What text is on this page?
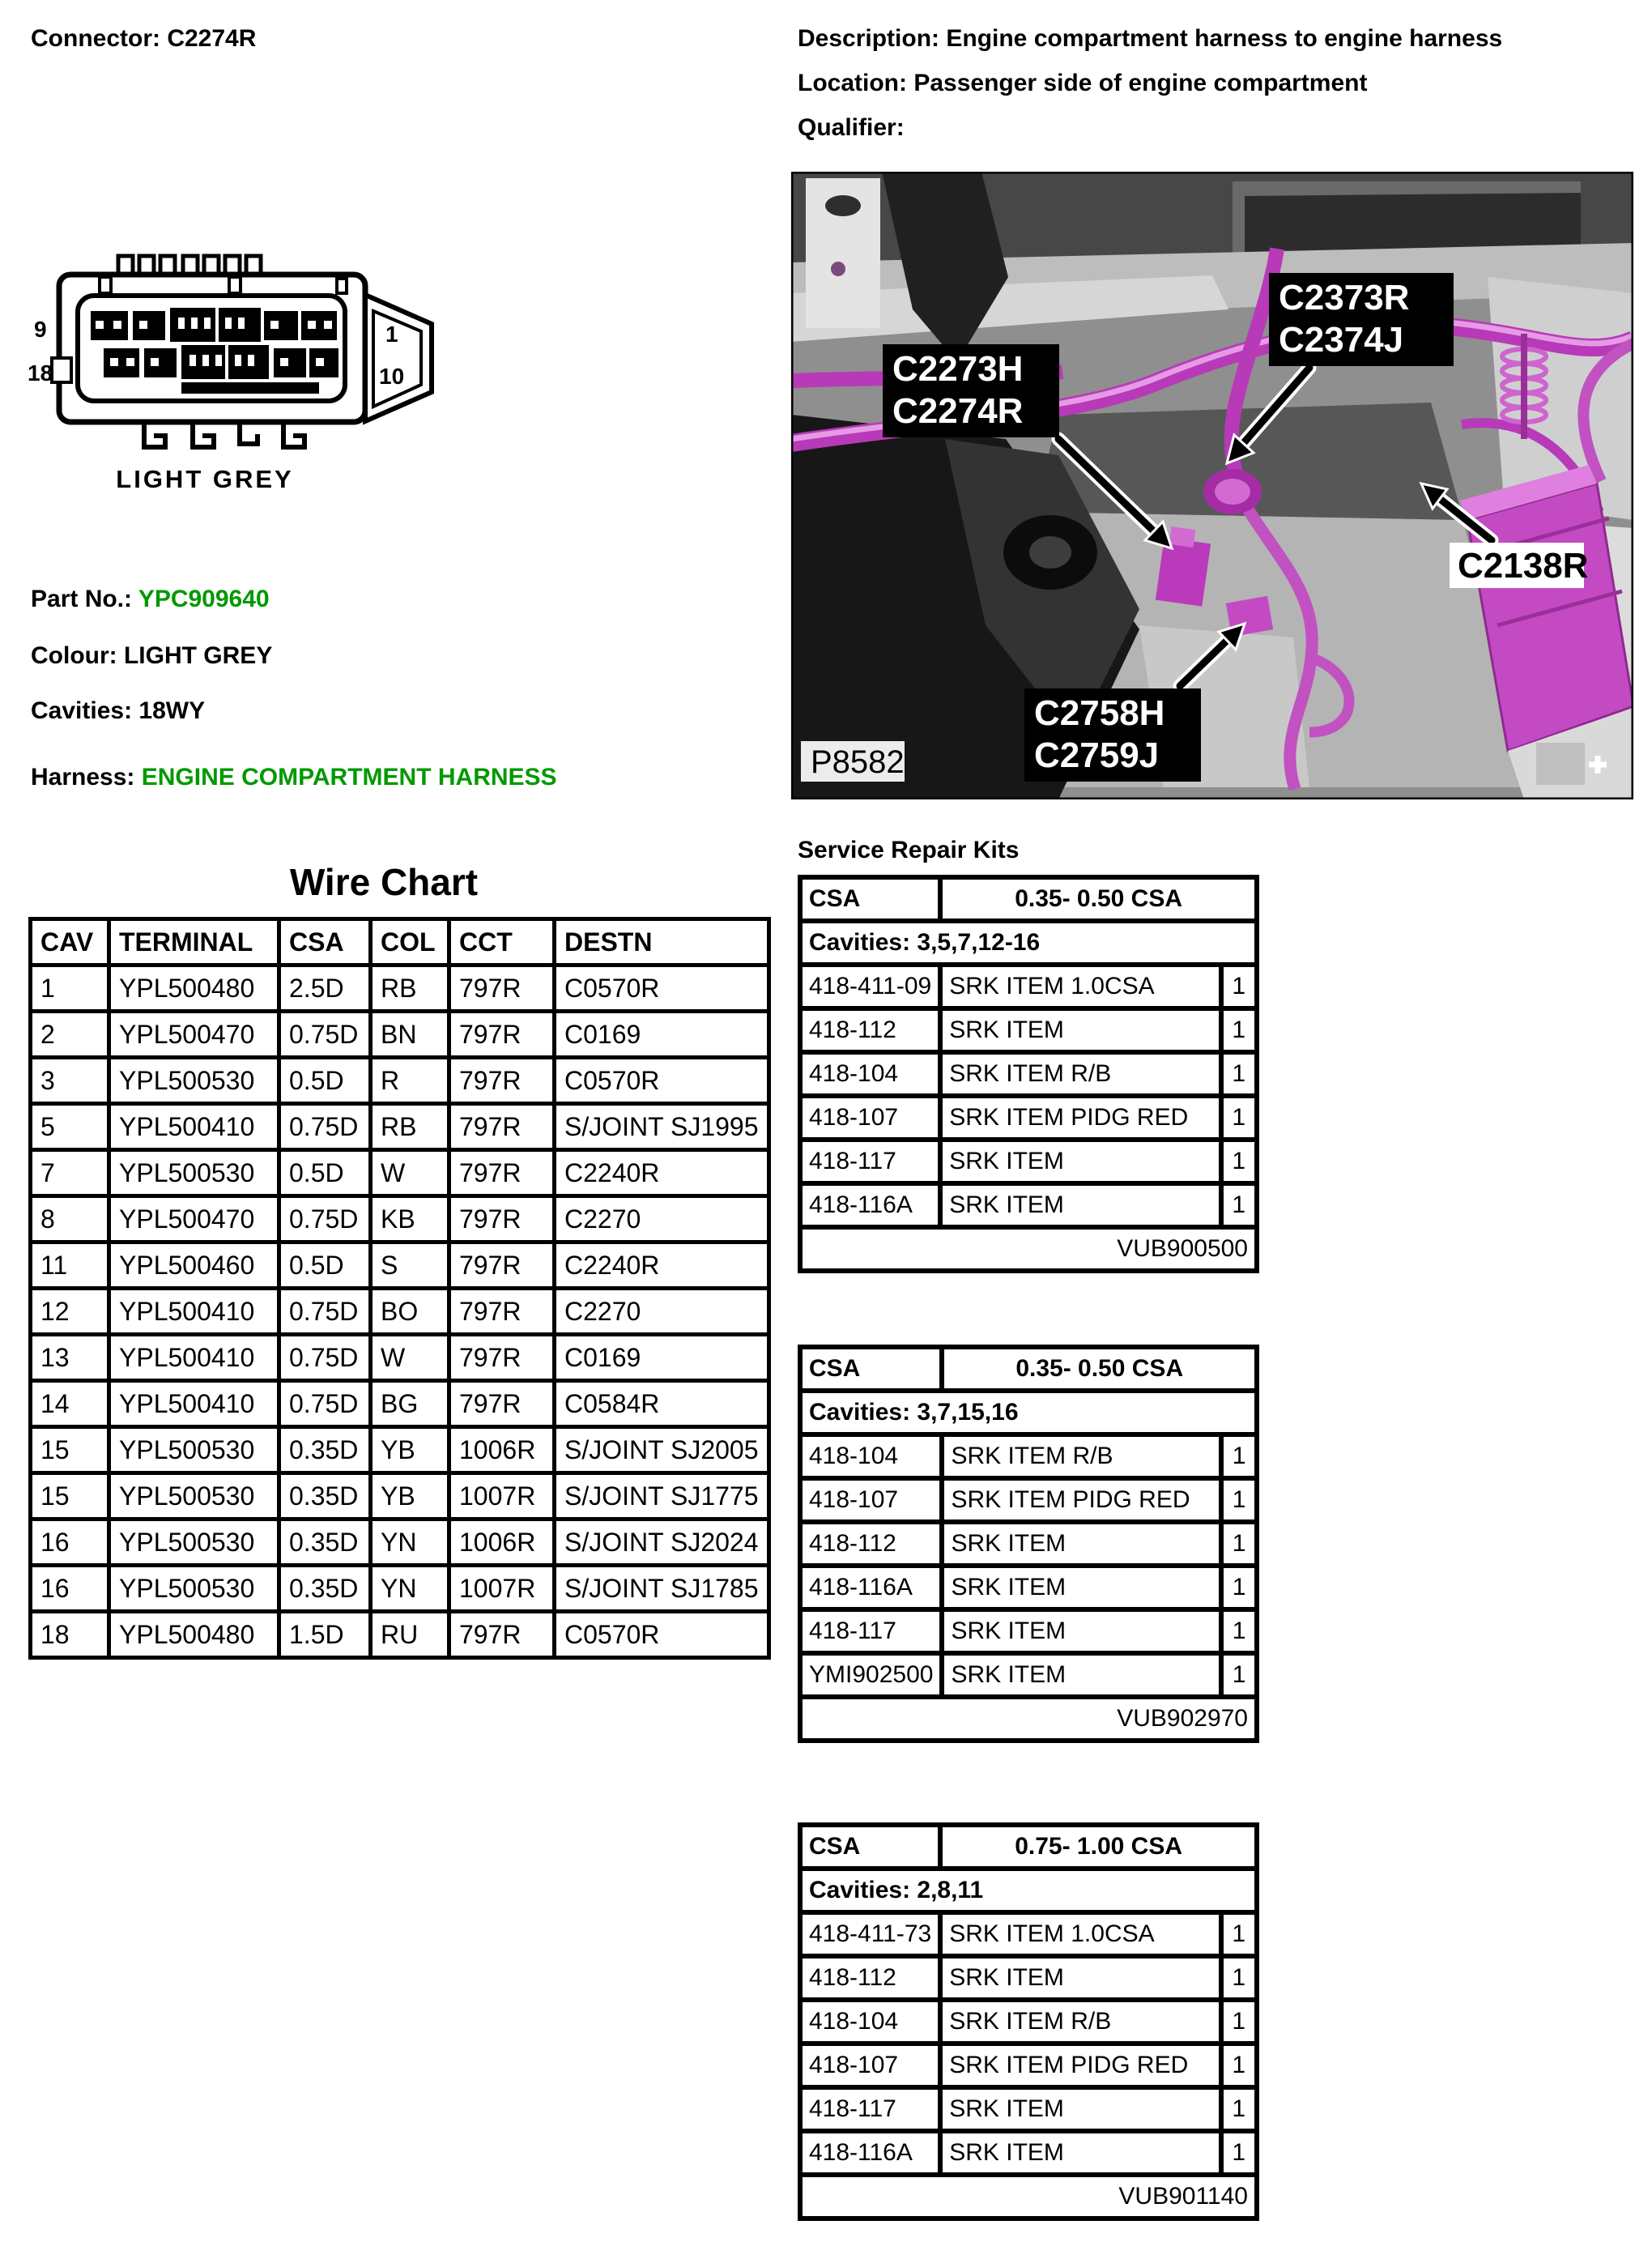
Connector: C2274R	Description: Engine compartment harness to engine harness
Location: Passenger side of engine compartment
Qualifier:
9
18
1
10
LIGHT GREY
Part No.: YPC909640
Colour: LIGHT GREY
Cavities: 18WY
Harness: ENGINE COMPARTMENT HARNESS
C2373R
C2374J
C2273H
C2274R
C2138R
C2758H
C2759J
P8582
Wire Chart
CAV	TERMINAL	CSA	COL	CCT	DESTN
1	YPL500480	2.5D	RB	797R	C0570R
2	YPL500470	0.75D	BN	797R	C0169
3	YPL500530	0.5D	R	797R	C0570R
5	YPL500410	0.75D	RB	797R	S/JOINT SJ1995
7	YPL500530	0.5D	W	797R	C2240R
8	YPL500470	0.75D	KB	797R	C2270
11	YPL500460	0.5D	S	797R	C2240R
12	YPL500410	0.75D	BO	797R	C2270
13	YPL500410	0.75D	W	797R	C0169
14	YPL500410	0.75D	BG	797R	C0584R
15	YPL500530	0.35D	YB	1006R	S/JOINT SJ2005
15	YPL500530	0.35D	YB	1007R	S/JOINT SJ1775
16	YPL500530	0.35D	YN	1006R	S/JOINT SJ2024
16	YPL500530	0.35D	YN	1007R	S/JOINT SJ1785
18	YPL500480	1.5D	RU	797R	C0570R
Service Repair Kits
CSA	0.35- 0.50 CSA	
Cavities: 3,5,7,12-16		
418-411-09	SRK ITEM 1.0CSA	1
418-112	SRK ITEM	1
418-104	SRK ITEM R/B	1
418-107	SRK ITEM PIDG RED	1
418-117	SRK ITEM	1
418-116A	SRK ITEM	1
VUB900500		
CSA	0.35- 0.50 CSA	
Cavities: 3,7,15,16		
418-104	SRK ITEM R/B	1
418-107	SRK ITEM PIDG RED	1
418-112	SRK ITEM	1
418-116A	SRK ITEM	1
418-117	SRK ITEM	1
YMI902500	SRK ITEM	1
VUB902970		
CSA	0.75- 1.00 CSA	
Cavities: 2,8,11		
418-411-73	SRK ITEM 1.0CSA	1
418-112	SRK ITEM	1
418-104	SRK ITEM R/B	1
418-107	SRK ITEM PIDG RED	1
418-117	SRK ITEM	1
418-116A	SRK ITEM	1
VUB901140		
